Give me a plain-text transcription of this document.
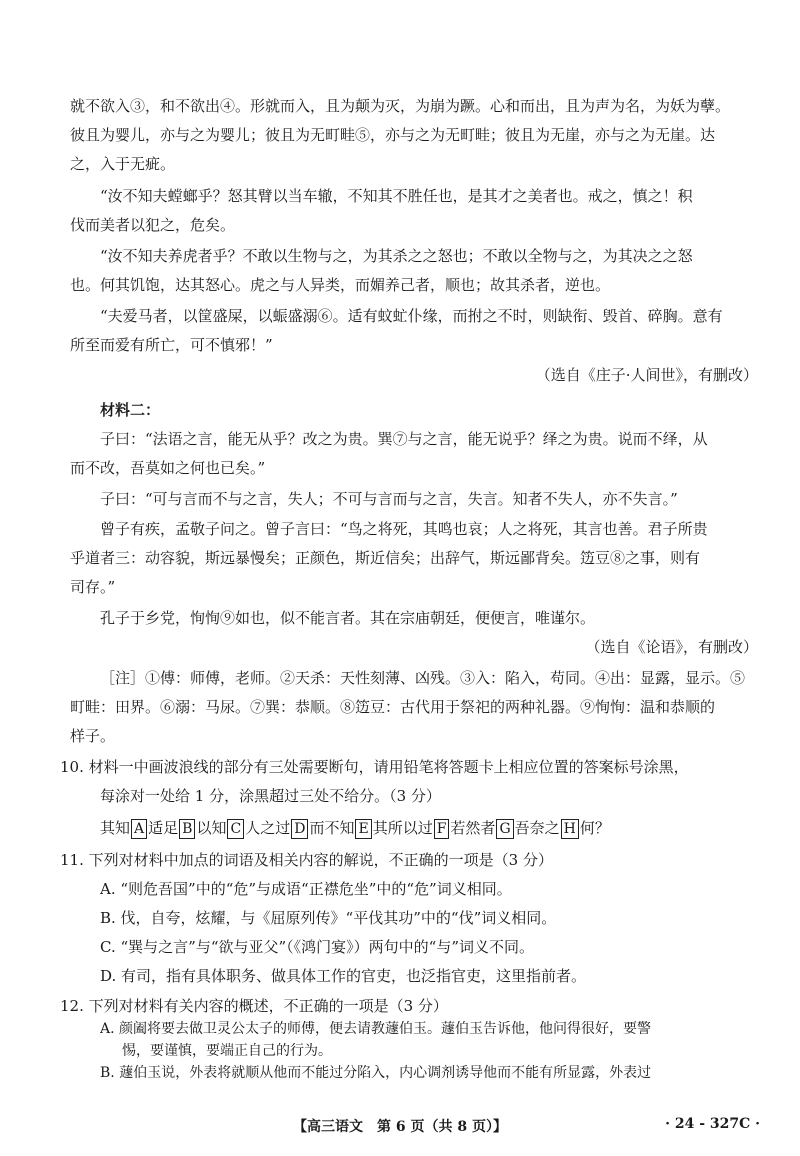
就不欲入③，和不欲出④。形就而入，且为颠为灭，为崩为蹶。心和而出，且为声为名，为妖为孽。
彼且为婴儿，亦与之为婴儿；彼且为无町畦⑤，亦与之为无町畦；彼且为无崖，亦与之为无崖。达
之，入于无疵。
“汝不知夫螳螂乎？怒其臂以当车辙，不知其不胜任也，是其才之美者也。戒之，慎之！积
伐而美者以犯之，危矣。
“汝不知夫养虎者乎？不敢以生物与之，为其杀之之怒也；不敢以全物与之，为其决之之怒
也。何其饥饱，达其怒心。虎之与人异类，而媚养己者，顺也；故其杀者，逆也。
“夫爱马者，以筐盛屎，以蜄盛溺⑥。适有蚊虻仆缘，而拊之不时，则缺衔、毁首、碎胸。意有
所至而爱有所亡，可不慎邪！”
（选自《庄子·人间世》，有删改）
材料二：
子曰：“法语之言，能无从乎？改之为贵。巽⑦与之言，能无说乎？绎之为贵。说而不绎，从
而不改，吾莫如之何也已矣。”
子曰：“可与言而不与之言，失人；不可与言而与之言，失言。知者不失人，亦不失言。”
曾子有疾，孟敬子问之。曾子言曰：“鸟之将死，其鸣也哀；人之将死，其言也善。君子所贵
乎道者三：动容貌，斯远暴慢矣；正颜色，斯近信矣；出辞气，斯远鄙背矣。笾豆⑧之事，则有
司存。”
孔子于乡党，恂恂⑨如也，似不能言者。其在宗庙朝廷，便便言，唯谨尔。
（选自《论语》，有删改）
［注］①傅：师傅，老师。②天杀：天性刻薄、凶残。③入：陷入，苟同。④出：显露，显示。⑤
町畦：田界。⑥溺：马尿。⑦巽：恭顺。⑧笾豆：古代用于祭祀的两种礼器。⑨恂恂：温和恭顺的
样子。
10. 材料一中画波浪线的部分有三处需要断句，请用铅笔将答题卡上相应位置的答案标号涂黑，
每涂对一处给 1 分，涂黑超过三处不给分。（3 分）
其知 A 适足 B 以知 C 人之过 D 而不知 E 其所以过 F 若然者 G 吾奈之 H 何？
11. 下列对材料中加点的词语及相关内容的解说，不正确的一项是（3 分）
A. “则危吾国”中的“危”与成语“正襟危坐”中的“危”词义相同。
B. 伐，自夸，炫耀，与《屈原列传》“平伐其功”中的“伐”词义相同。
C. “巽与之言”与“欲与亚父”（《鸿门宴》）两句中的“与”词义不同。
D. 有司，指有具体职务、做具体工作的官吏，也泛指官吏，这里指前者。
12. 下列对材料有关内容的概述，不正确的一项是（3 分）
A. 颜阖将要去做卫灵公太子的师傅，便去请教蘧伯玉。蘧伯玉告诉他，他问得很好，要警
惕，要谨慎，要端正自己的行为。
B. 蘧伯玉说，外表将就顺从他而不能过分陷入，内心调剂诱导他而不能有所显露，外表过
【高三语文　第 6 页（共 8 页）】	· 24 - 327C ·
